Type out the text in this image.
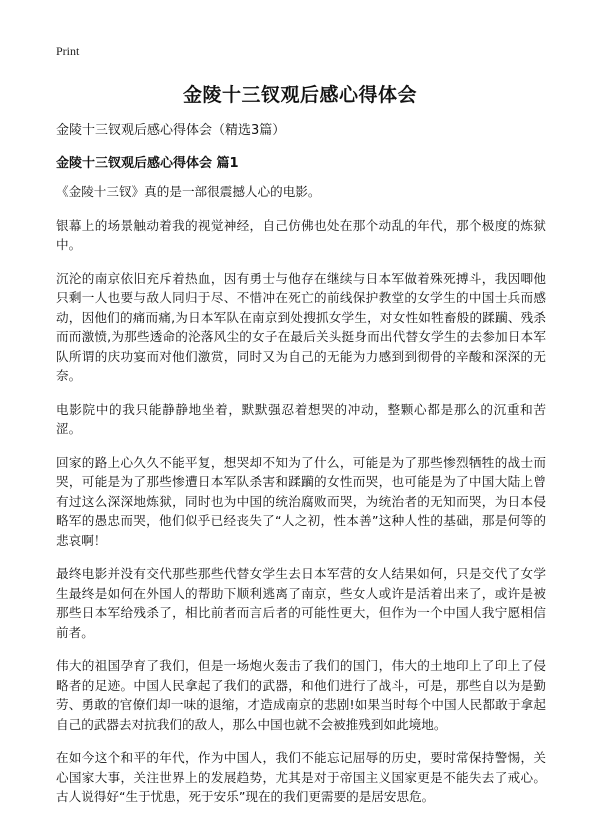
Print
金陵十三钗观后感心得体会

金陵十三钗观后感心得体会（精选3篇）

金陵十三钗观后感心得体会 篇1

《金陵十三钗》真的是一部很震撼人心的电影。

银幕上的场景触动着我的视觉神经，自己仿佛也处在那个动乱的年代，那个极度的炼狱中。

沉沦的南京依旧充斥着热血，因有勇士与他存在继续与日本军做着殊死搏斗，我因唧他只剩一人也要与敌人同归于尽、不惜冲在死亡的前线保护教堂的女学生的中国士兵而感动，因他们的痛而痛,为日本军队在南京到处搜抓女学生，对女性如牲畜般的蹂躏、残杀而而激愤,为那些透命的沦落风尘的女子在最后关头挺身而出代替女学生的去参加日本军队所谓的庆功宴而对他们激赏，同时又为自己的无能为力感到到彻骨的辛酸和深深的无奈。

电影院中的我只能静静地坐着，默默强忍着想哭的冲动，整颗心都是那么的沉重和苦涩。

回家的路上心久久不能平复，想哭却不知为了什么，可能是为了那些惨烈牺牲的战士而哭，可能是为了那些惨遭日本军队杀害和蹂躏的女性而哭，也可能是为了中国大陆上曾有过这么深深地炼狱，同时也为中国的统治腐败而哭，为统治者的无知而哭，为日本侵略军的愚忠而哭，他们似乎已经丧失了“人之初，性本善”这种人性的基础，那是何等的悲哀啊！

最终电影并没有交代那些那些代替女学生去日本军营的女人结果如何，只是交代了女学生最终是如何在外国人的帮助下顺利逃离了南京，些女人或许是活着出来了，或许是被那些日本军给残杀了，相比前者而言后者的可能性更大，但作为一个中国人我宁愿相信前者。

伟大的祖国孕育了我们，但是一场炮火轰击了我们的国门，伟大的土地印上了印上了侵略者的足迹。中国人民拿起了我们的武器，和他们进行了战斗，可是，那些自以为是勤劳、勇敢的官僚们却一味的退缩，才造成南京的悲剧!如果当时每个中国人民都敢于拿起自己的武器去对抗我们的敌人，那么中国也就不会被推残到如此境地。

在如今这个和平的年代，作为中国人，我们不能忘记屈辱的历史，要时常保持警惕，关心国家大事，关注世界上的发展趋势，尤其是对于帝国主义国家更是不能失去了戒心。古人说得好“生于忧患，死于安乐”现在的我们更需要的是居安思危。
